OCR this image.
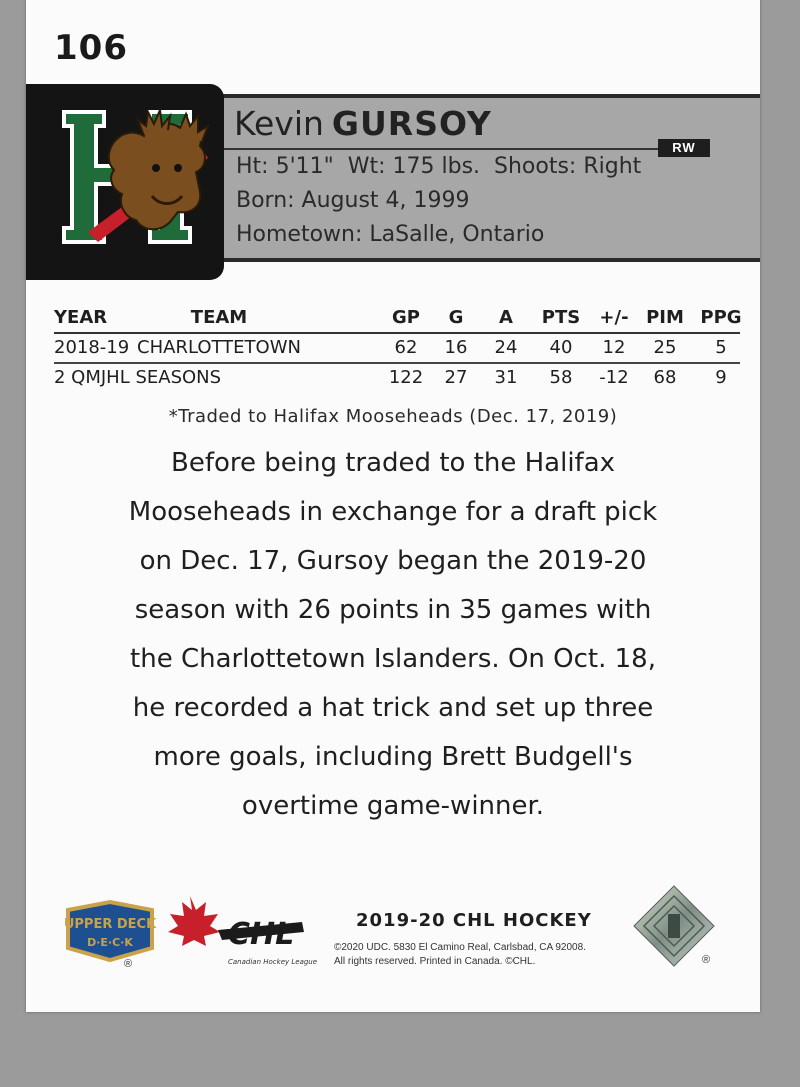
106
Kevin GURSOY
RW
Ht: 5'11"  Wt: 175 lbs.  Shoots: Right
Born: August 4, 1999
Hometown: LaSalle, Ontario
YEAR	TEAM	GP G A PTS +/- PIM PPG
2018-19 CHARLOTTETOWN	62 16 24 40 12 25 5
2 QMJHL SEASONS	122 27 31 58 -12 68 9
*Traded to Halifax Mooseheads (Dec. 17, 2019)
Before being traded to the Halifax
Mooseheads in exchange for a draft pick
on Dec. 17, Gursoy began the 2019-20
season with 26 points in 35 games with
the Charlottetown Islanders. On Oct. 18,
he recorded a hat trick and set up three
more goals, including Brett Budgell's
overtime game-winner.
UPPER DECK
D·E·C·K
®
CHL
Canadian Hockey League
2019-20 CHL HOCKEY
©2020 UDC. 5830 El Camino Real, Carlsbad, CA 92008.
All rights reserved. Printed in Canada. ©CHL.	®
